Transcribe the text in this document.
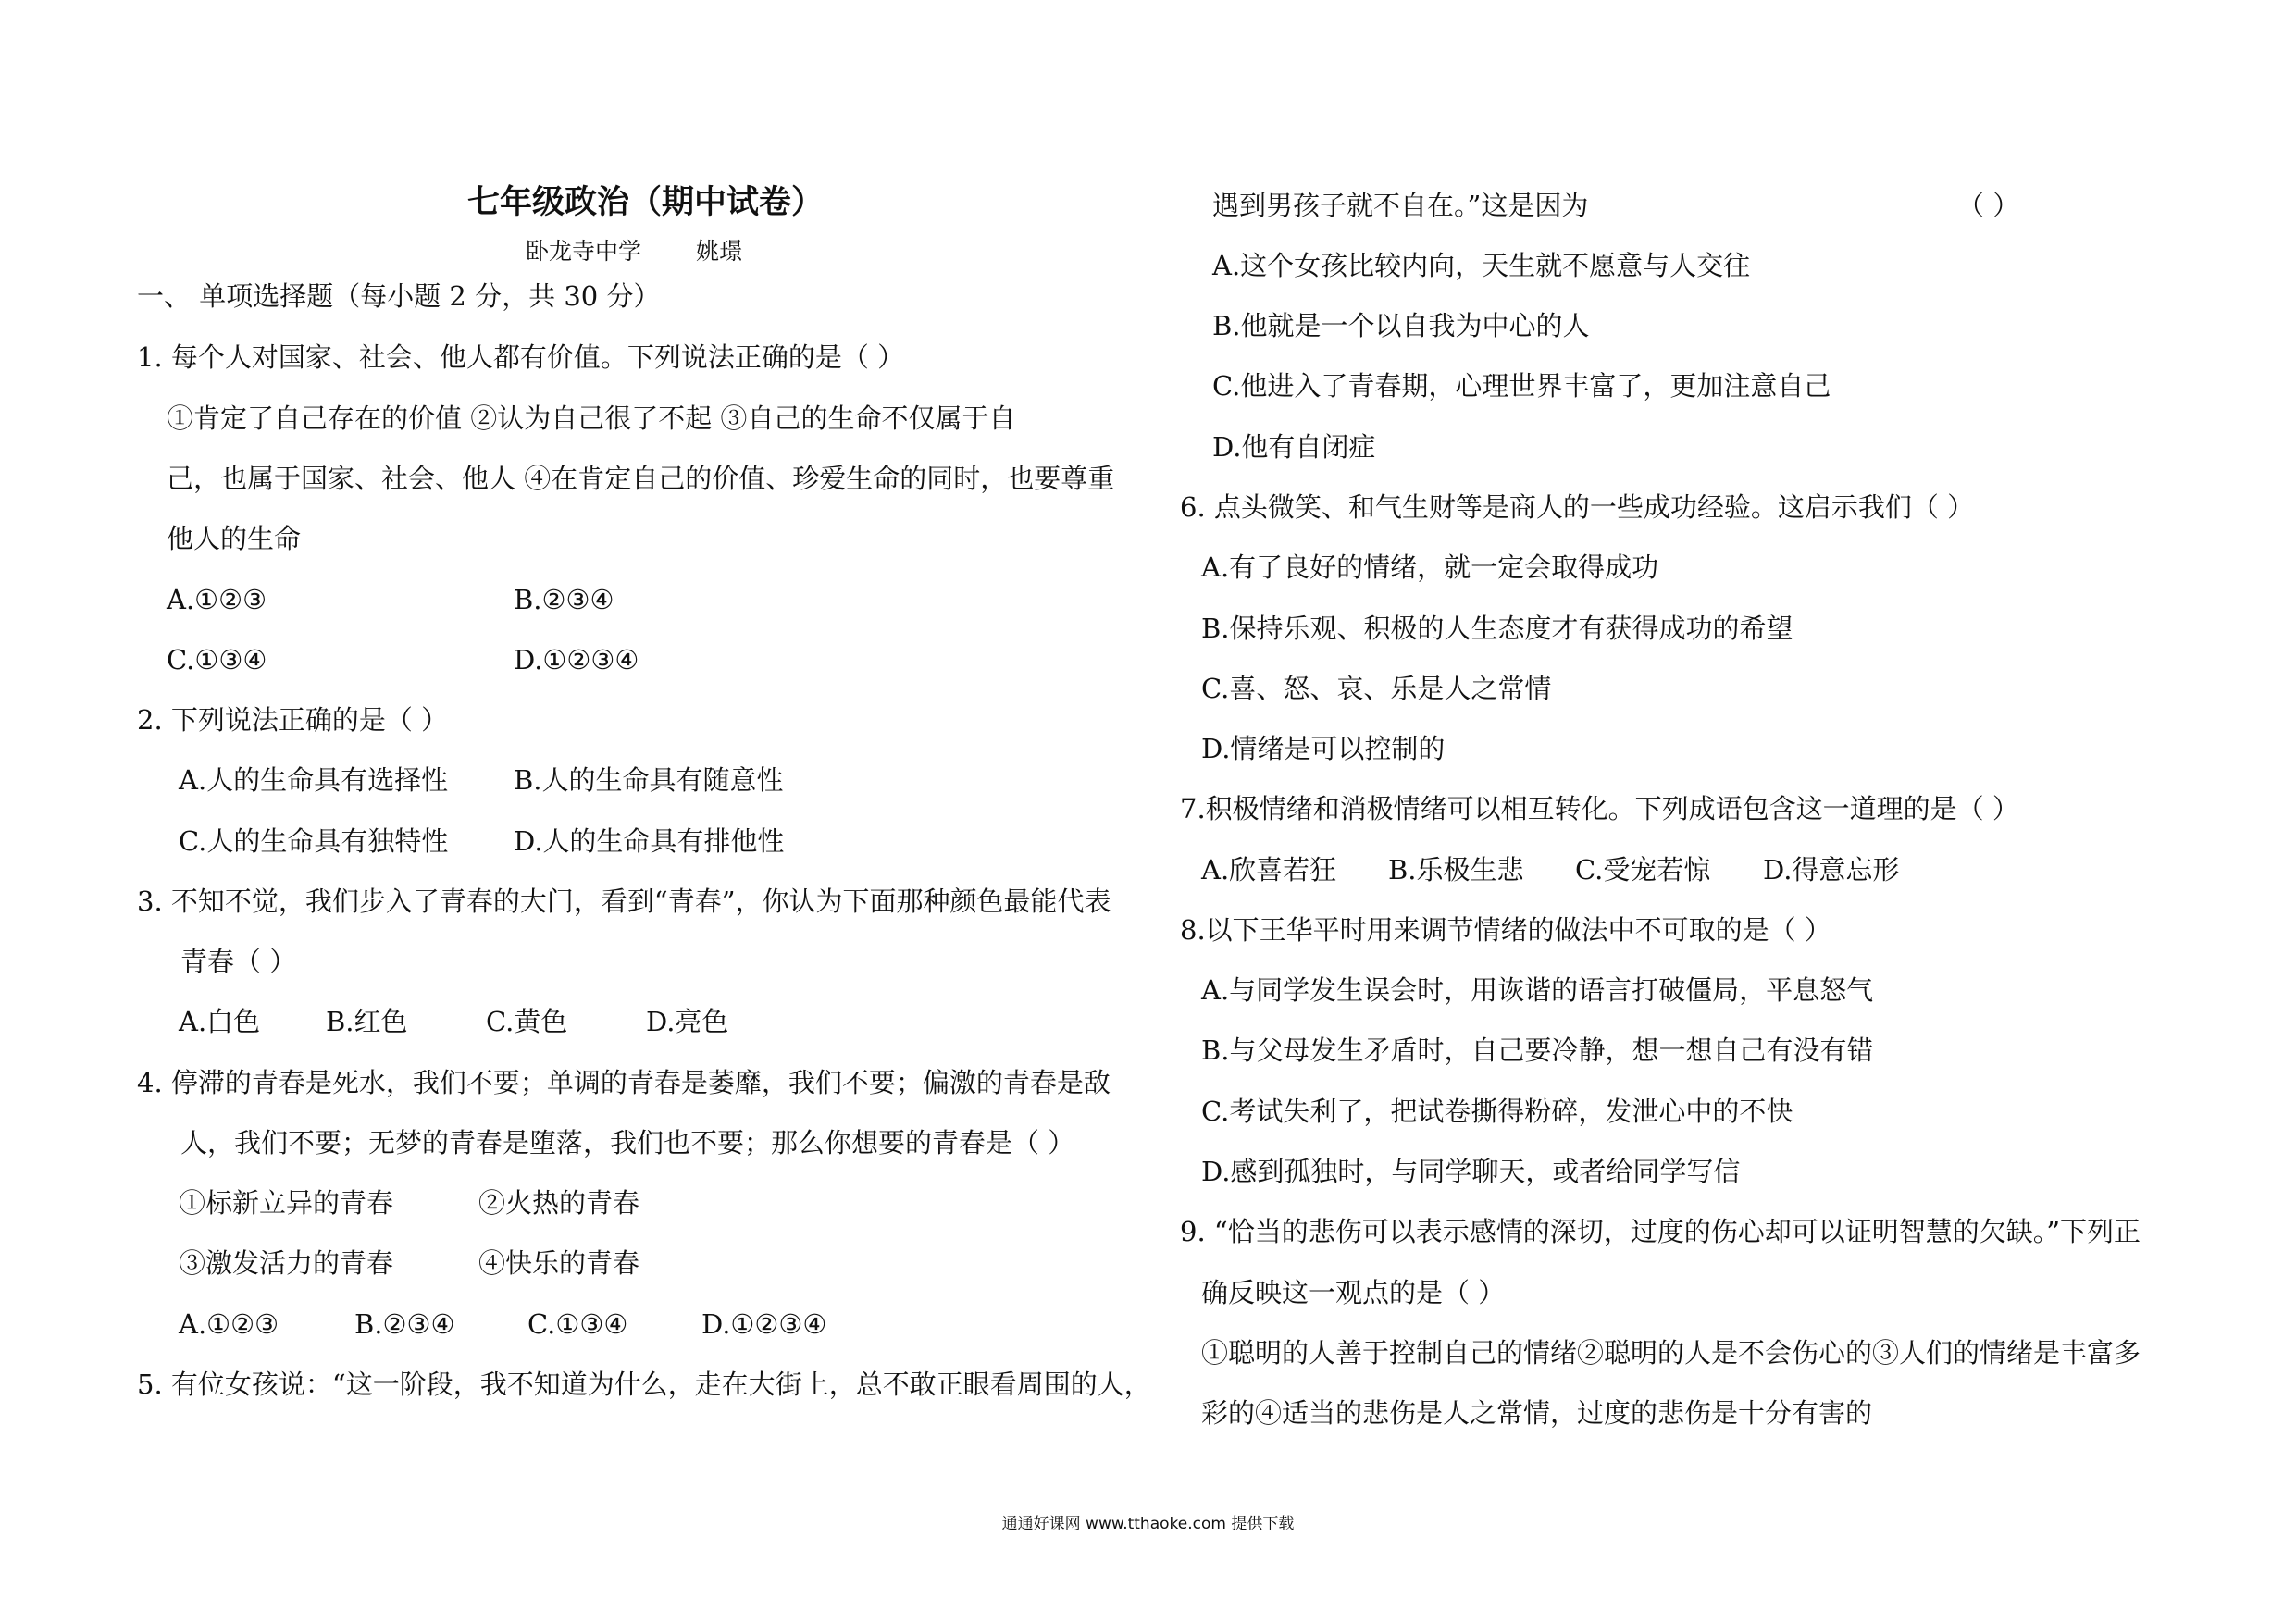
七年级政治（期中试卷）
卧龙寺中学 姚璟
一、 单项选择题（每小题 2 分，共 30 分）
1. 每个人对国家、社会、他人都有价值。下列说法正确的是（ ）
①肯定了自己存在的价值 ②认为自己很了不起 ③自己的生命不仅属于自
己，也属于国家、社会、他人 ④在肯定自己的价值、珍爱生命的同时，也要尊重
他人的生命
A.①②③	B.②③④
C.①③④	D.①②③④
2. 下列说法正确的是（ ）
A.人的生命具有选择性 B.人的生命具有随意性
C.人的生命具有独特性 D.人的生命具有排他性
3. 不知不觉，我们步入了青春的大门，看到“青春”，你认为下面那种颜色最能代表
青春（ ）
A.白色 B.红色	C.黄色	D.亮色
4. 停滞的青春是死水，我们不要；单调的青春是萎靡，我们不要；偏激的青春是敌
人，我们不要；无梦的青春是堕落，我们也不要；那么你想要的青春是（ ）
①标新立异的青春	②火热的青春
③激发活力的青春	④快乐的青春
A.①②③	B.②③④	C.①③④	D.①②③④
5. 有位女孩说：“这一阶段，我不知道为什么，走在大街上，总不敢正眼看周围的人，
遇到男孩子就不自在。”这是因为	（ ）
A.这个女孩比较内向，天生就不愿意与人交往
B.他就是一个以自我为中心的人
C.他进入了青春期，心理世界丰富了，更加注意自己
D.他有自闭症
6. 点头微笑、和气生财等是商人的一些成功经验。这启示我们（ ）
A.有了良好的情绪，就一定会取得成功
B.保持乐观、积极的人生态度才有获得成功的希望
C.喜、怒、哀、乐是人之常情
D.情绪是可以控制的
7.积极情绪和消极情绪可以相互转化。下列成语包含这一道理的是（ ）
A.欣喜若狂 B.乐极生悲 C.受宠若惊 D.得意忘形
8.以下王华平时用来调节情绪的做法中不可取的是（ ）
A.与同学发生误会时，用诙谐的语言打破僵局，平息怒气
B.与父母发生矛盾时，自己要冷静，想一想自己有没有错
C.考试失利了，把试卷撕得粉碎，发泄心中的不快
D.感到孤独时，与同学聊天，或者给同学写信
9. “恰当的悲伤可以表示感情的深切，过度的伤心却可以证明智慧的欠缺。”下列正
确反映这一观点的是（ ）
①聪明的人善于控制自己的情绪②聪明的人是不会伤心的③人们的情绪是丰富多
彩的④适当的悲伤是人之常情，过度的悲伤是十分有害的
通通好课网 www.tthaoke.com 提供下载
